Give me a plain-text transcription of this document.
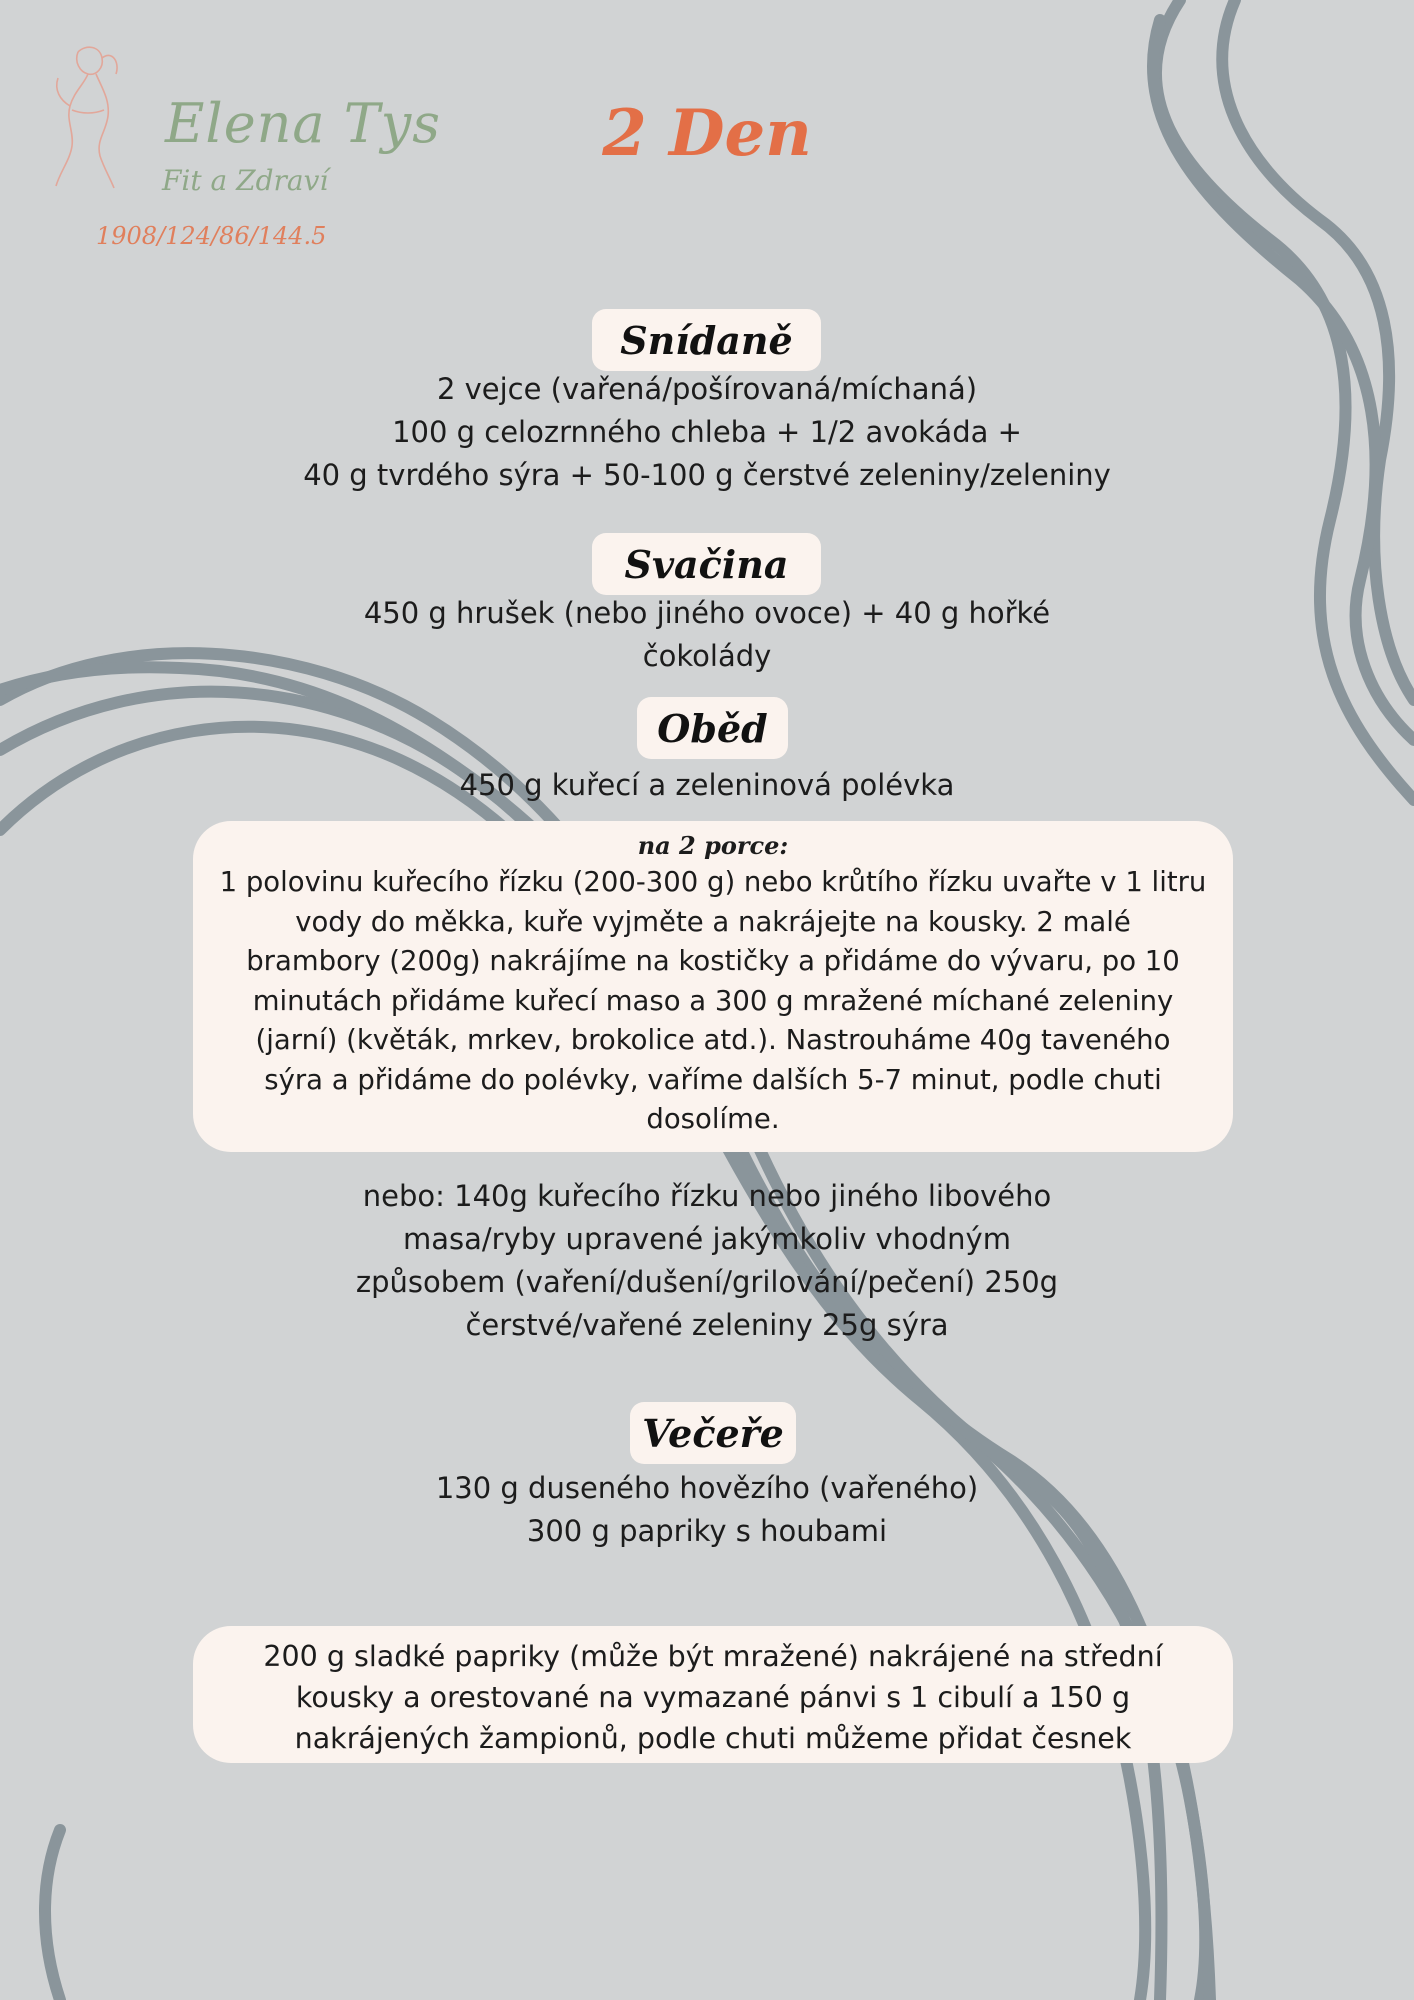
Elena Tys
Fit a Zdraví
1908/124/86/144.5
2 Den
Snídaně
2 vejce (vařená/pošírovaná/míchaná)
100 g celozrnného chleba + 1/2 avokáda +
40 g tvrdého sýra + 50-100 g čerstvé zeleniny/zeleniny
Svačina
450 g hrušek (nebo jiného ovoce) + 40 g hořké
čokolády
Oběd
450 g kuřecí a zeleninová polévka
na 2 porce:
1 polovinu kuřecího řízku (200-300 g) nebo krůtího řízku uvařte v 1 litru
vody do měkka, kuře vyjměte a nakrájejte na kousky. 2 malé
brambory (200g) nakrájíme na kostičky a přidáme do vývaru, po 10
minutách přidáme kuřecí maso a 300 g mražené míchané zeleniny
(jarní) (květák, mrkev, brokolice atd.). Nastrouháme 40g taveného
sýra a přidáme do polévky, vaříme dalších 5-7 minut, podle chuti
dosolíme.
nebo: 140g kuřecího řízku nebo jiného libového
masa/ryby upravené jakýmkoliv vhodným
způsobem (vaření/dušení/grilování/pečení) 250g
čerstvé/vařené zeleniny 25g sýra
Večeře
130 g duseného hovězího (vařeného)
300 g papriky s houbami
200 g sladké papriky (může být mražené) nakrájené na střední
kousky a orestované na vymazané pánvi s 1 cibulí a 150 g
nakrájených žampionů, podle chuti můžeme přidat česnek
